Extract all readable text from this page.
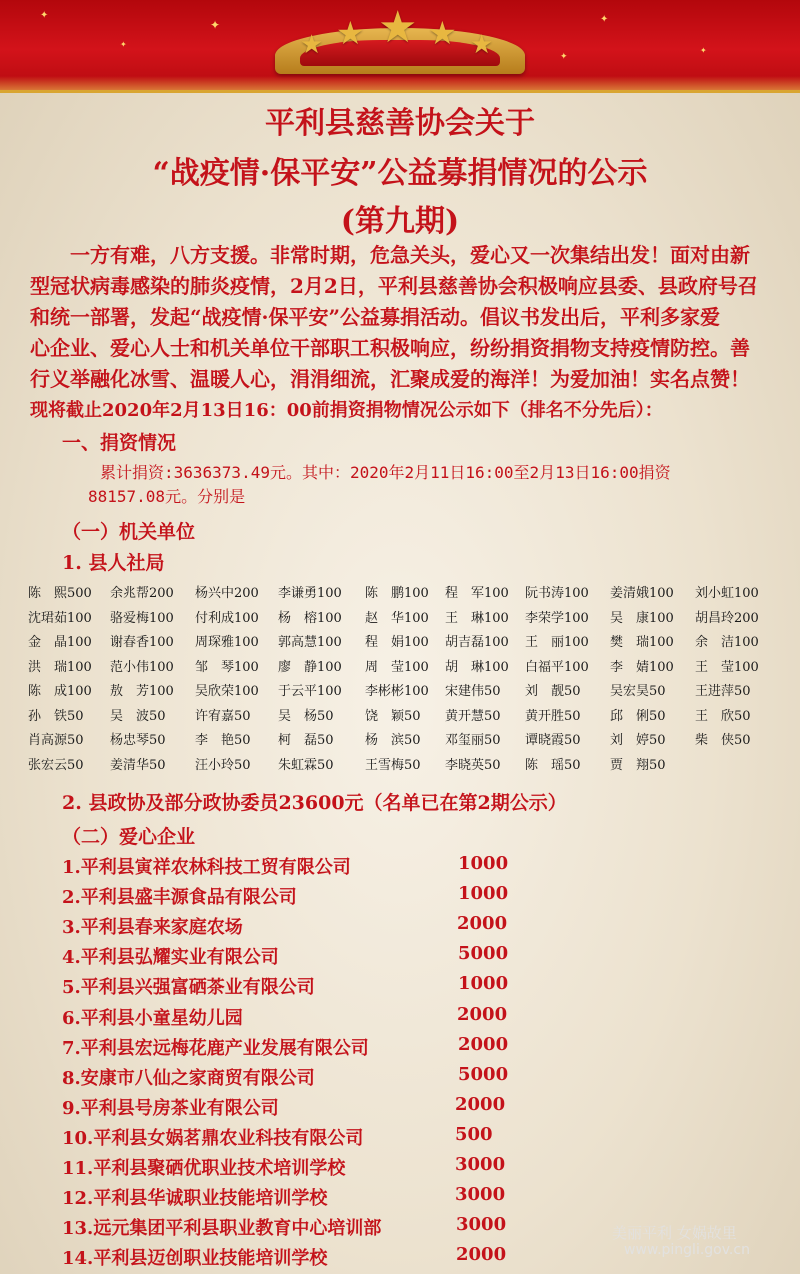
✦
✦
✦	✦
✦
✦
★ ★ ★ ★ ★
平利县慈善协会关于
“战疫情·保平安”公益募捐情况的公示
(第九期)
一方有难，八方支援。非常时期，危急关头，爱心又一次集结出发！面对由新
型冠状病毒感染的肺炎疫情，2月2日，平利县慈善协会积极响应县委、县政府号召
和统一部署，发起“战疫情·保平安”公益募捐活动。倡议书发出后，平利多家爱
心企业、爱心人士和机关单位干部职工积极响应，纷纷捐资捐物支持疫情防控。善
行义举融化冰雪、温暖人心，涓涓细流，汇聚成爱的海洋！为爱加油！实名点赞！
现将截止2020年2月13日16：00前捐资捐物情况公示如下（排名不分先后）：
一、捐资情况
累计捐资:3636373.49元。其中：2020年2月11日16:00至2月13日16:00捐资
88157.08元。分别是
（一）机关单位
1. 县人社局
陈　熙500 余兆帮200 杨兴中200 李谦勇100 陈　鹏100 程　军100 阮书涛100 姜清娥100 刘小虹100
沈珺茹100 骆爱梅100 付利成100 杨　榕100 赵　华100 王　琳100 李荣学100 吴　康100 胡昌玲200
金　晶100 谢春香100 周琛雅100 郭高慧100 程　娟100 胡吉磊100 王　丽100 樊　瑞100 余　洁100
洪　瑞100 范小伟100 邹　琴100 廖　静100 周　莹100 胡　琳100 白福平100 李　婧100 王　莹100
陈　成100 敖　芳100 吴欣荣100 于云平100 李彬彬100 宋建伟50 刘　靓50 吴宏昊50 王进萍50
孙　铁50 吴　波50 许宥嘉50 吴　杨50 饶　颖50 黄开慧50 黄开胜50 邱　俐50 王　欣50
肖高源50 杨忠琴50 李　艳50 柯　磊50 杨　滨50 邓玺丽50 谭晓霞50 刘　婷50 柴　侠50
张宏云50 姜清华50 汪小玲50 朱虹霖50 王雪梅50 李晓英50 陈　瑶50 贾　翔50
2. 县政协及部分政协委员23600元（名单已在第2期公示）
（二）爱心企业
1.平利县寅祥农林科技工贸有限公司	1000
2.平利县盛丰源食品有限公司	1000
3.平利县春来家庭农场	2000
4.平利县弘耀实业有限公司	5000
5.平利县兴强富硒茶业有限公司	1000
6.平利县小童星幼儿园	2000
7.平利县宏远梅花鹿产业发展有限公司	2000
8.安康市八仙之家商贸有限公司	5000
9.平利县号房茶业有限公司	2000
10.平利县女娲茗鼎农业科技有限公司	500
11.平利县聚硒优职业技术培训学校	3000
12.平利县华诚职业技能培训学校	3000
13.远元集团平利县职业教育中心培训部	3000
14.平利县迈创职业技能培训学校	2000
美丽平利 女娲故里
www.pingli.gov.cn
